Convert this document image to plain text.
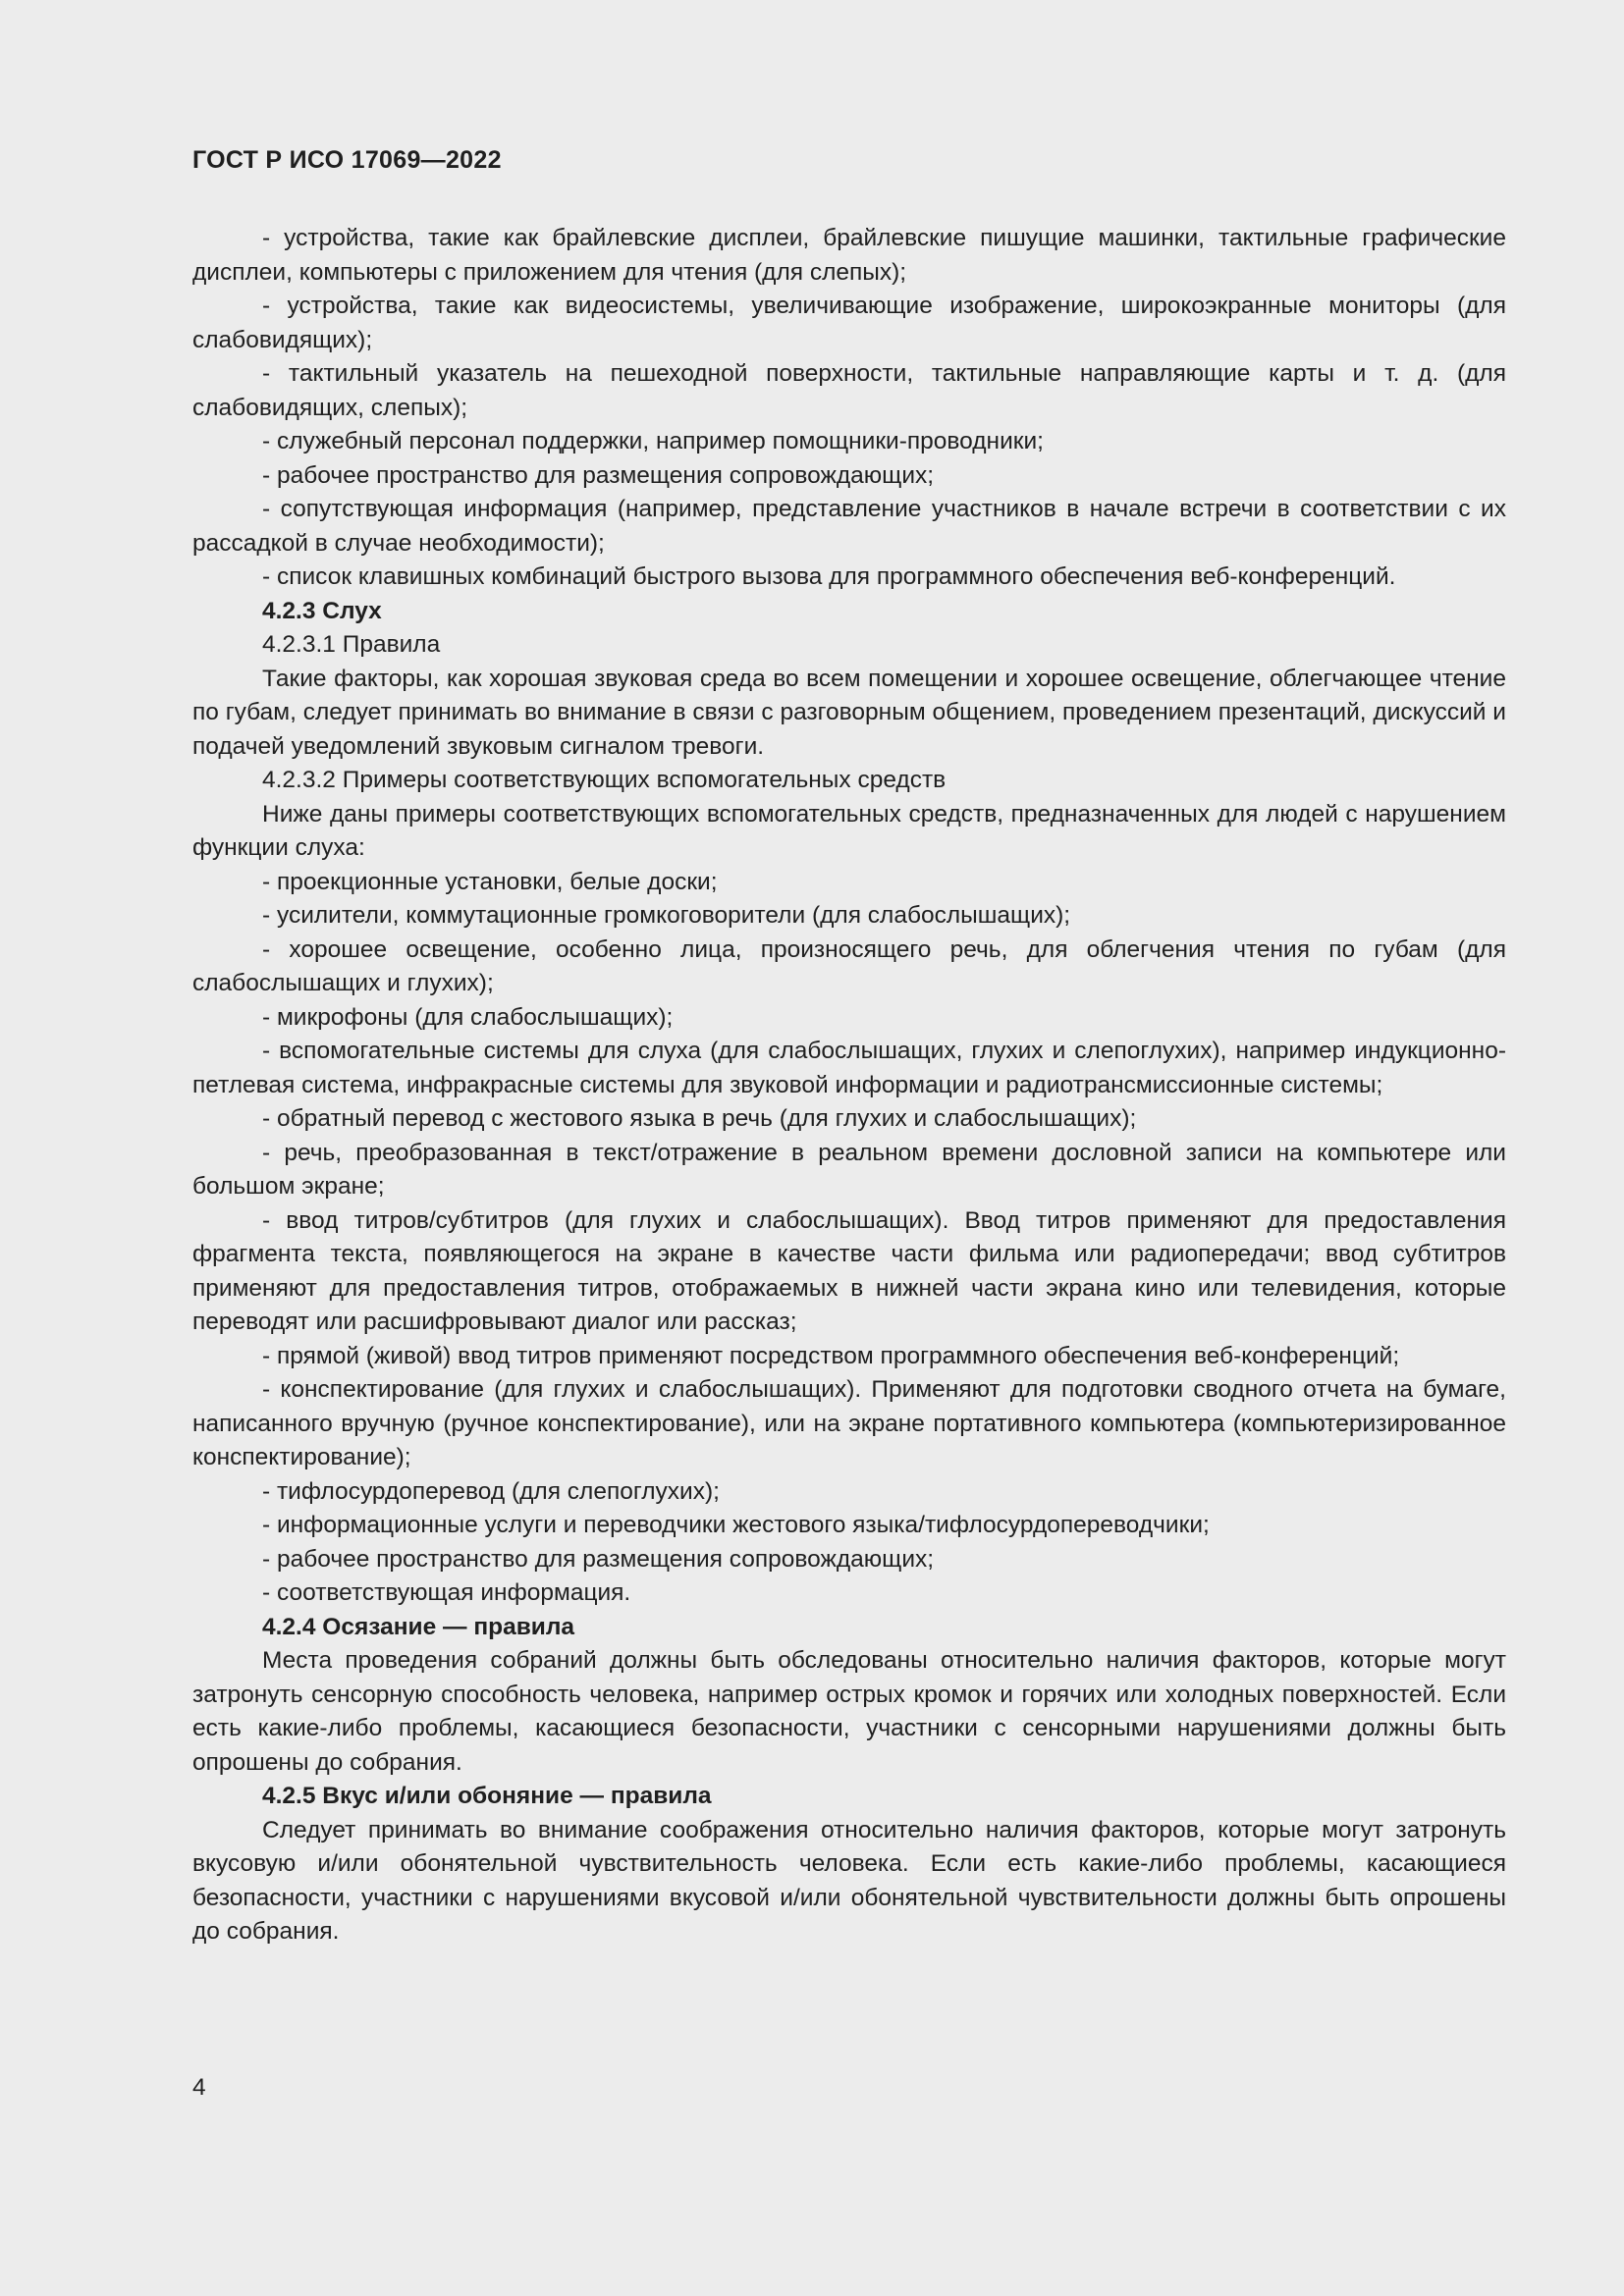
ГОСТ Р ИСО 17069—2022

- устройства, такие как брайлевские дисплеи, брайлевские пишущие машинки, тактильные графические дисплеи, компьютеры с приложением для чтения (для слепых);

- устройства, такие как видеосистемы, увеличивающие изображение, широкоэкранные мониторы (для слабовидящих);

- тактильный указатель на пешеходной поверхности, тактильные направляющие карты и т. д. (для слабовидящих, слепых);

- служебный персонал поддержки, например помощники-проводники;

- рабочее пространство для размещения сопровождающих;

- сопутствующая информация (например, представление участников в начале встречи в соответствии с их рассадкой в случае необходимости);

- список клавишных комбинаций быстрого вызова для программного обеспечения веб-конференций.

4.2.3 Слух

4.2.3.1 Правила

Такие факторы, как хорошая звуковая среда во всем помещении и хорошее освещение, облегчающее чтение по губам, следует принимать во внимание в связи с разговорным общением, проведением презентаций, дискуссий и подачей уведомлений звуковым сигналом тревоги.

4.2.3.2 Примеры соответствующих вспомогательных средств

Ниже даны примеры соответствующих вспомогательных средств, предназначенных для людей с нарушением функции слуха:

- проекционные установки, белые доски;

- усилители, коммутационные громкоговорители (для слабослышащих);

- хорошее освещение, особенно лица, произносящего речь, для облегчения чтения по губам (для слабослышащих и глухих);

- микрофоны (для слабослышащих);

- вспомогательные системы для слуха (для слабослышащих, глухих и слепоглухих), например индукционно-петлевая система, инфракрасные системы для звуковой информации и радиотрансмиссионные системы;

- обратный перевод с жестового языка в речь (для глухих и слабослышащих);

- речь, преобразованная в текст/отражение в реальном времени дословной записи на компьютере или большом экране;

- ввод титров/субтитров (для глухих и слабослышащих). Ввод титров применяют для предоставления фрагмента текста, появляющегося на экране в качестве части фильма или радиопередачи; ввод субтитров применяют для предоставления титров, отображаемых в нижней части экрана кино или телевидения, которые переводят или расшифровывают диалог или рассказ;

- прямой (живой) ввод титров применяют посредством программного обеспечения веб-конференций;

- конспектирование (для глухих и слабослышащих). Применяют для подготовки сводного отчета на бумаге, написанного вручную (ручное конспектирование), или на экране портативного компьютера (компьютеризированное конспектирование);

- тифлосурдоперевод (для слепоглухих);

- информационные услуги и переводчики жестового языка/тифлосурдопереводчики;

- рабочее пространство для размещения сопровождающих;

- соответствующая информация.

4.2.4 Осязание — правила

Места проведения собраний должны быть обследованы относительно наличия факторов, которые могут затронуть сенсорную способность человека, например острых кромок и горячих или холодных поверхностей. Если есть какие-либо проблемы, касающиеся безопасности, участники с сенсорными нарушениями должны быть опрошены до собрания.

4.2.5 Вкус и/или обоняние — правила

Следует принимать во внимание соображения относительно наличия факторов, которые могут затронуть вкусовую и/или обонятельной чувствительность человека. Если есть какие-либо проблемы, касающиеся безопасности, участники с нарушениями вкусовой и/или обонятельной чувствительности должны быть опрошены до собрания.

4
